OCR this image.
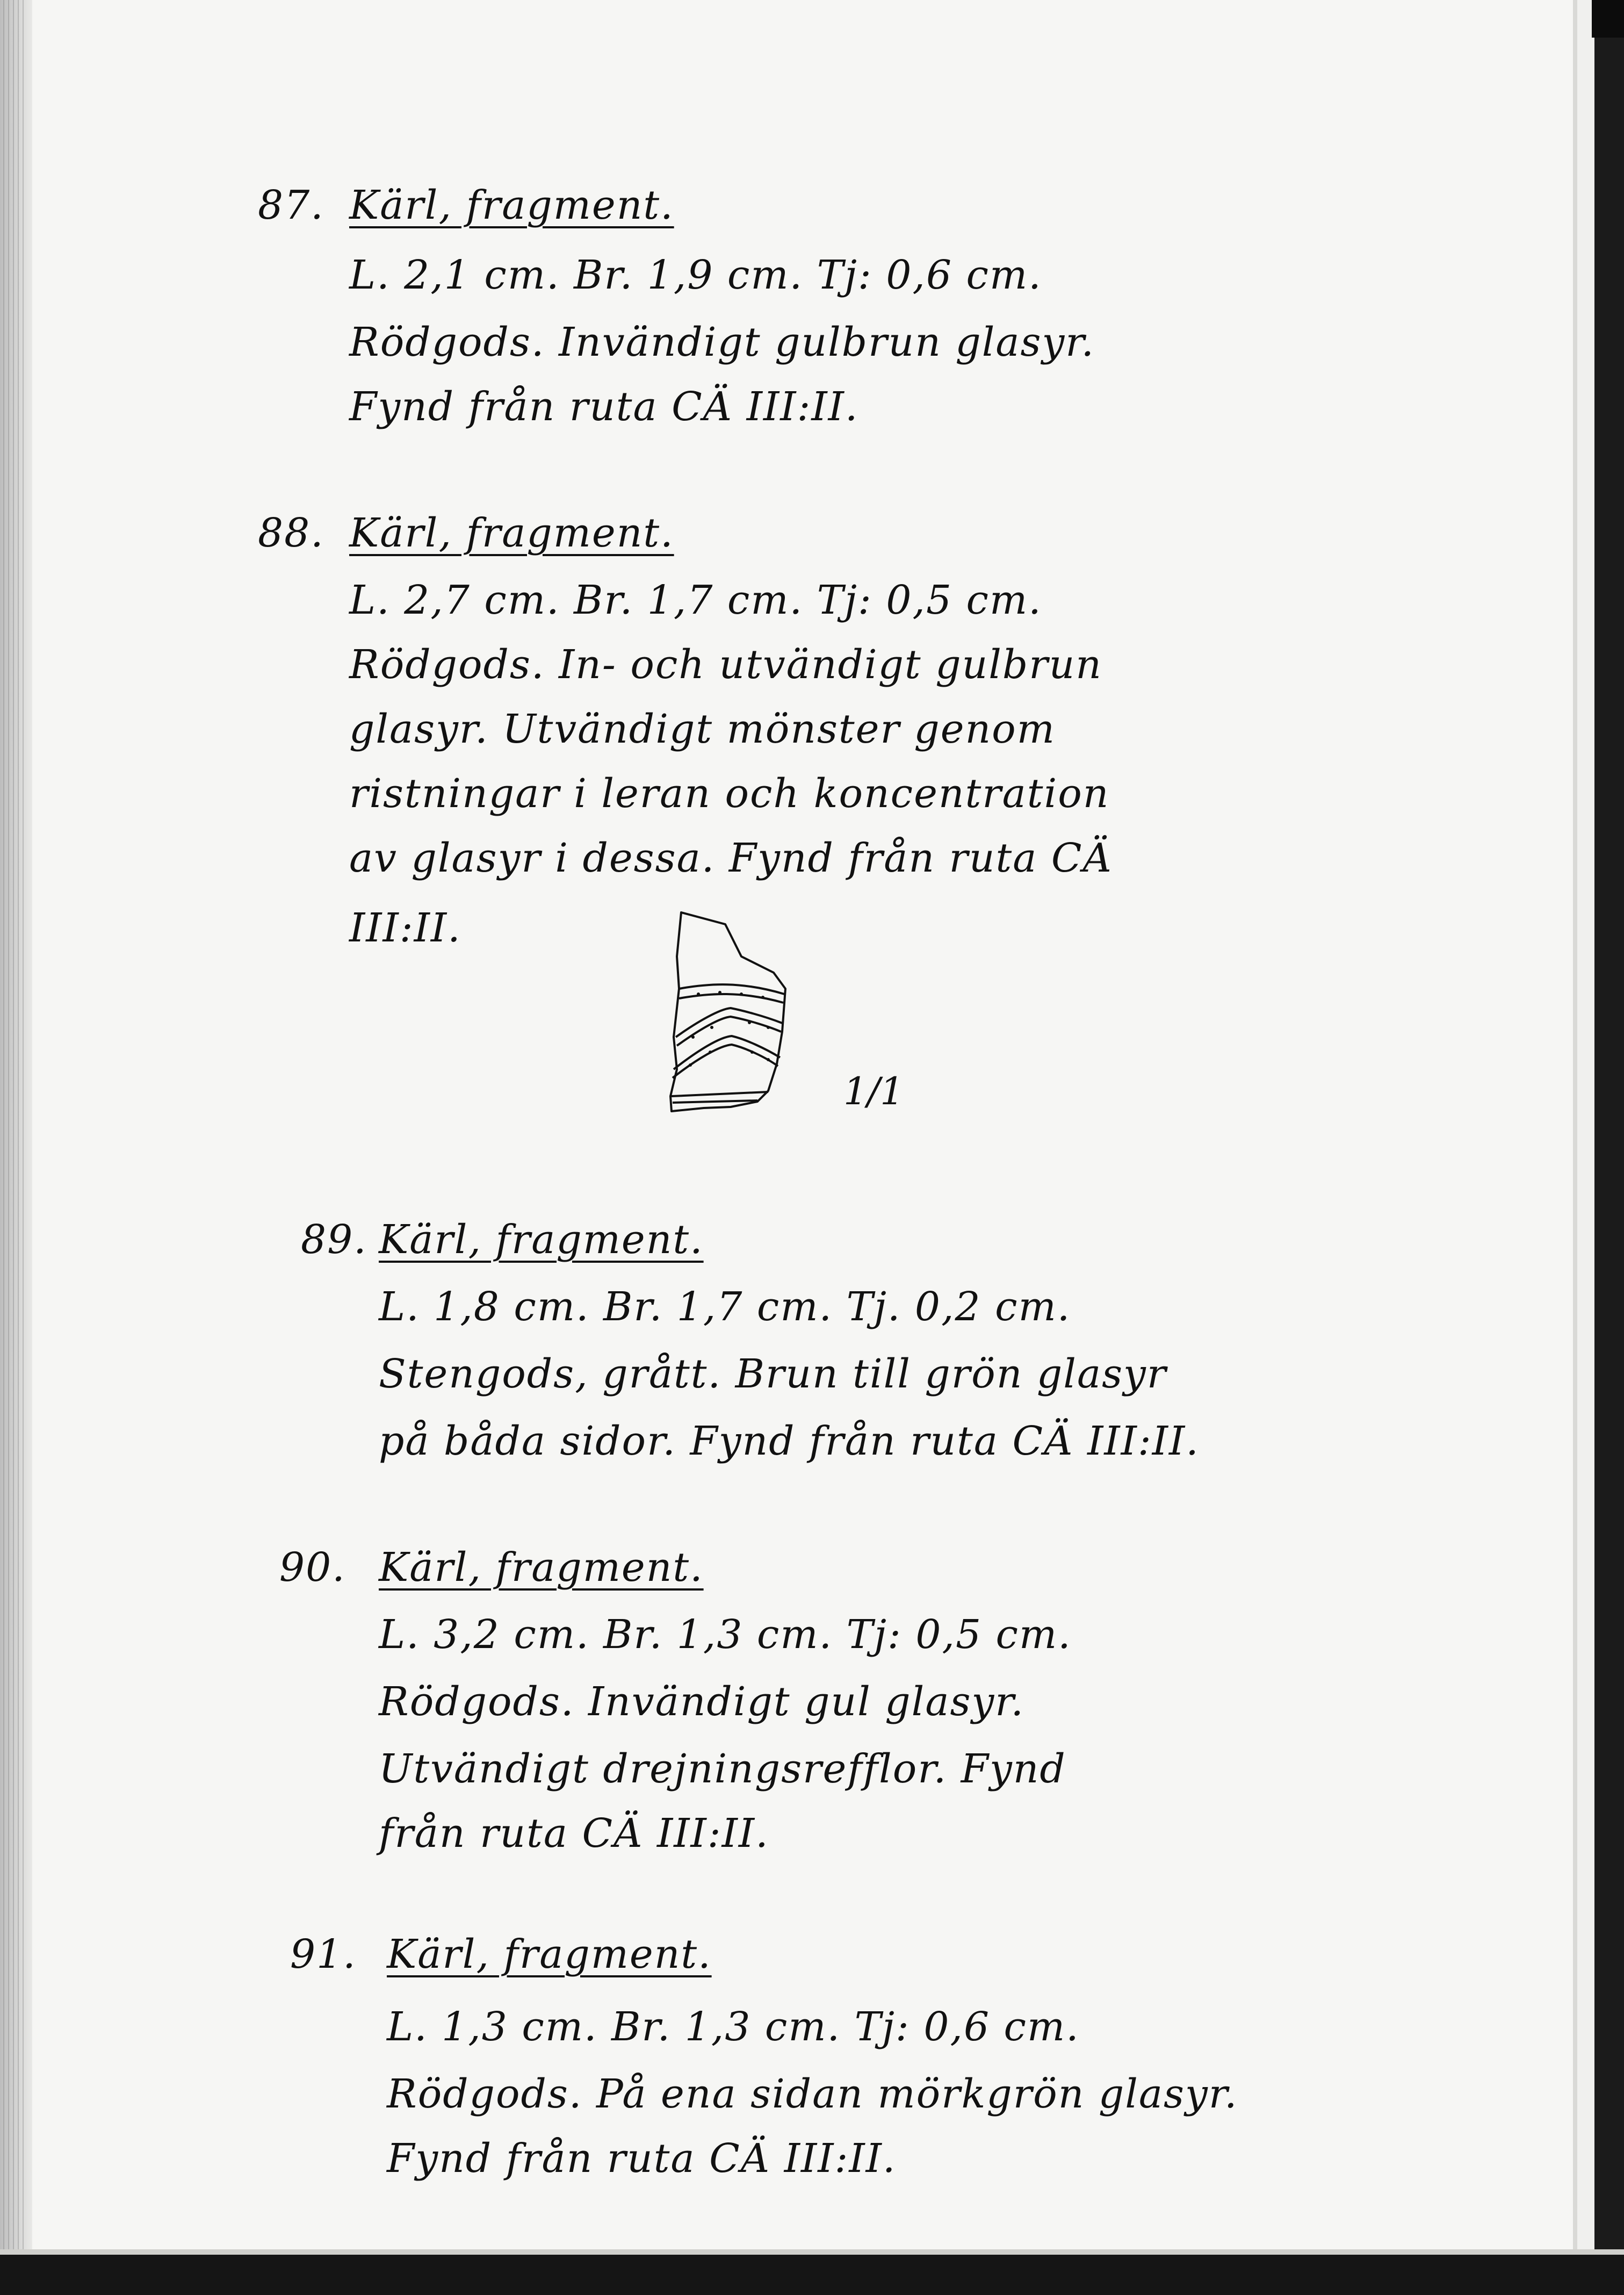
87. Kärl, fragment.
L. 2,1 cm. Br. 1,9 cm. Tj: 0,6 cm.
Rödgods. Invändigt gulbrun glasyr.
Fynd från rutа CÄ III:II.
88. Kärl, fragment.
L. 2,7 cm. Br. 1,7 cm. Tj: 0,5 cm.
Rödgods. In- och utvändigt gulbrun
glasyr. Utvändigt mönster genom
ristningar i leran och koncentration
av glasyr i dessa. Fynd från ruta CÄ
III:II.
1/1
89. Kärl, fragment.
L. 1,8 cm. Br. 1,7 cm. Tj. 0,2 cm.
Stengods, grått. Brun till grön glasyr
på båda sidor. Fynd från ruta CÄ III:II.
90. Kärl, fragment.
L. 3,2 cm. Br. 1,3 cm. Tj: 0,5 cm.
Rödgods. Invändigt gul glasyr.
Utvändigt drejningsrefflor. Fynd
från ruta CÄ III:II.
91. Kärl, fragment.
L. 1,3 cm. Br. 1,3 cm. Tj: 0,6 cm.
Rödgods. På ena sidan mörkgrön glasyr.
Fynd från ruta CÄ III:II.
